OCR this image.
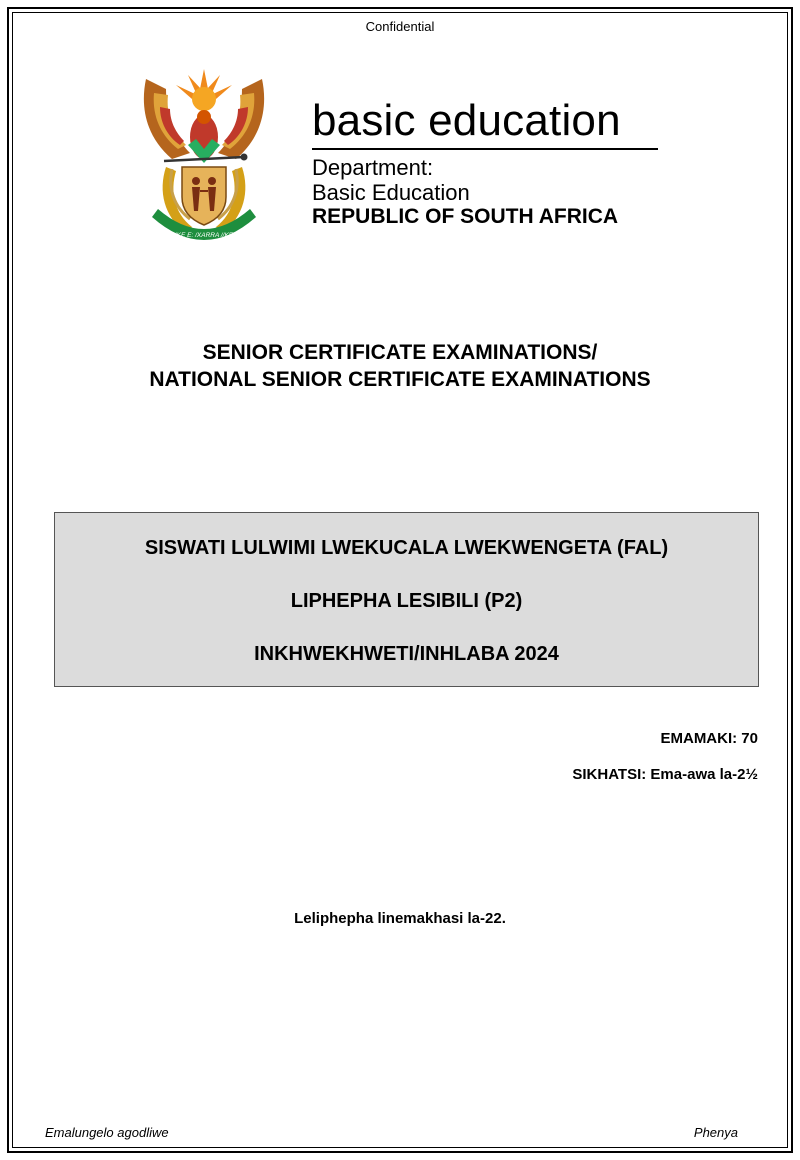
Confidential
!KE E: /XARRA //KE
basic education
Department:
Basic Education
REPUBLIC OF SOUTH AFRICA
SENIOR CERTIFICATE EXAMINATIONS/
NATIONAL SENIOR CERTIFICATE EXAMINATIONS
SISWATI LULWIMI LWEKUCALA LWEKWENGETA (FAL)
LIPHEPHA LESIBILI (P2)
INKHWEKHWETI/INHLABA 2024
EMAMAKI: 70
SIKHATSI: Ema-awa la-2½
Leliphepha linemakhasi la-22.
Emalungelo agodliwe	Phenya
